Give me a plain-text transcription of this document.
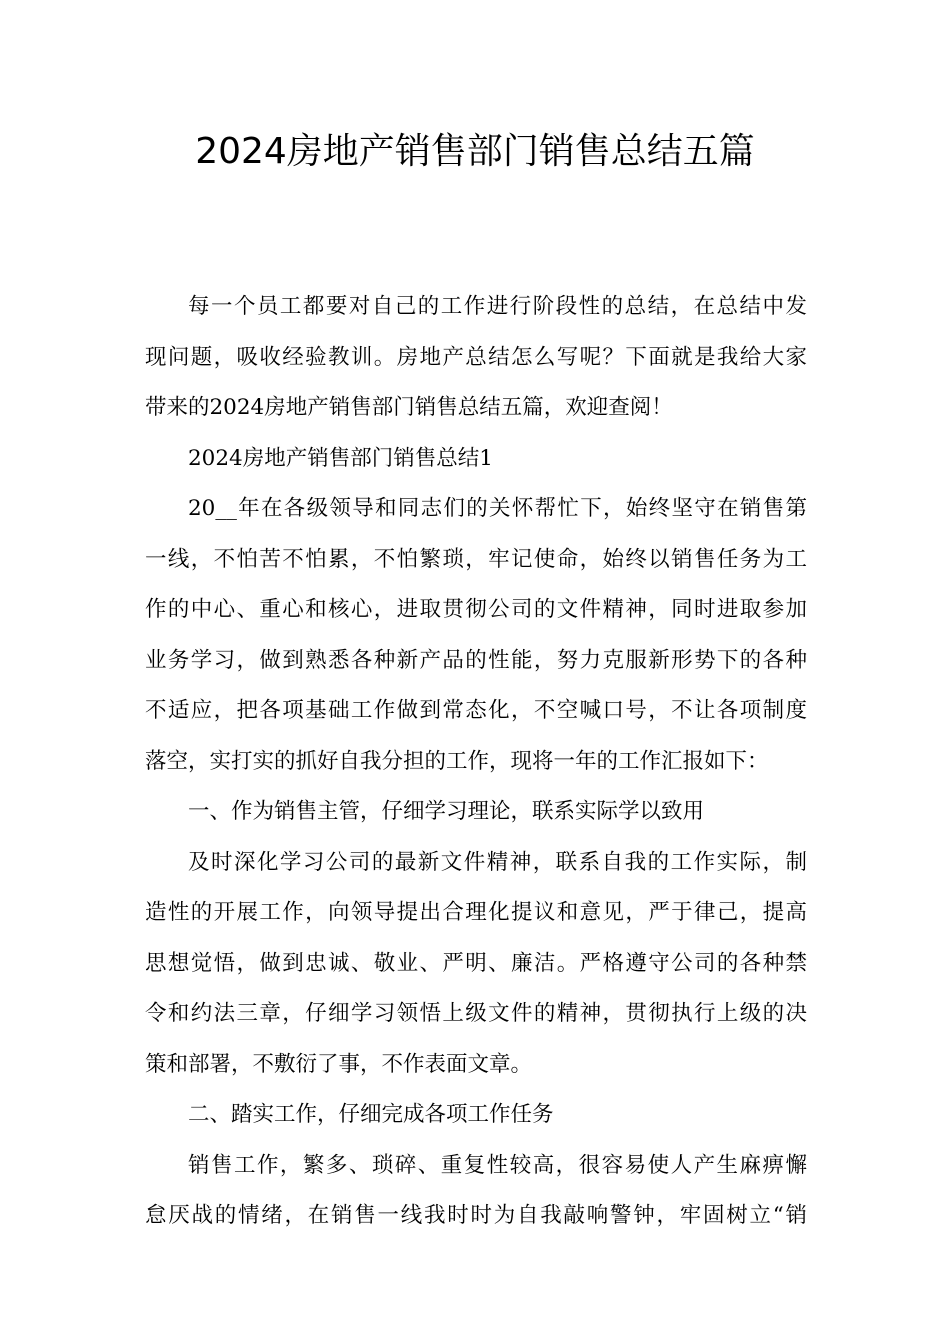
2024房地产销售部门销售总结五篇

每一个员工都要对自己的工作进行阶段性的总结，在总结中发
现问题，吸收经验教训。房地产总结怎么写呢？下面就是我给大家
带来的2024房地产销售部门销售总结五篇，欢迎查阅！

2024房地产销售部门销售总结1

20__年在各级领导和同志们的关怀帮忙下，始终坚守在销售第
一线，不怕苦不怕累，不怕繁琐，牢记使命，始终以销售任务为工
作的中心、重心和核心，进取贯彻公司的文件精神，同时进取参加
业务学习，做到熟悉各种新产品的性能，努力克服新形势下的各种
不适应，把各项基础工作做到常态化，不空喊口号，不让各项制度
落空，实打实的抓好自我分担的工作，现将一年的工作汇报如下：

一、作为销售主管，仔细学习理论，联系实际学以致用

及时深化学习公司的最新文件精神，联系自我的工作实际，制
造性的开展工作，向领导提出合理化提议和意见，严于律己，提高
思想觉悟，做到忠诚、敬业、严明、廉洁。严格遵守公司的各种禁
令和约法三章，仔细学习领悟上级文件的精神，贯彻执行上级的决
策和部署，不敷衍了事，不作表面文章。

二、踏实工作，仔细完成各项工作任务

销售工作，繁多、琐碎、重复性较高，很容易使人产生麻痹懈
怠厌战的情绪，在销售一线我时时为自我敲响警钟，牢固树立“销
